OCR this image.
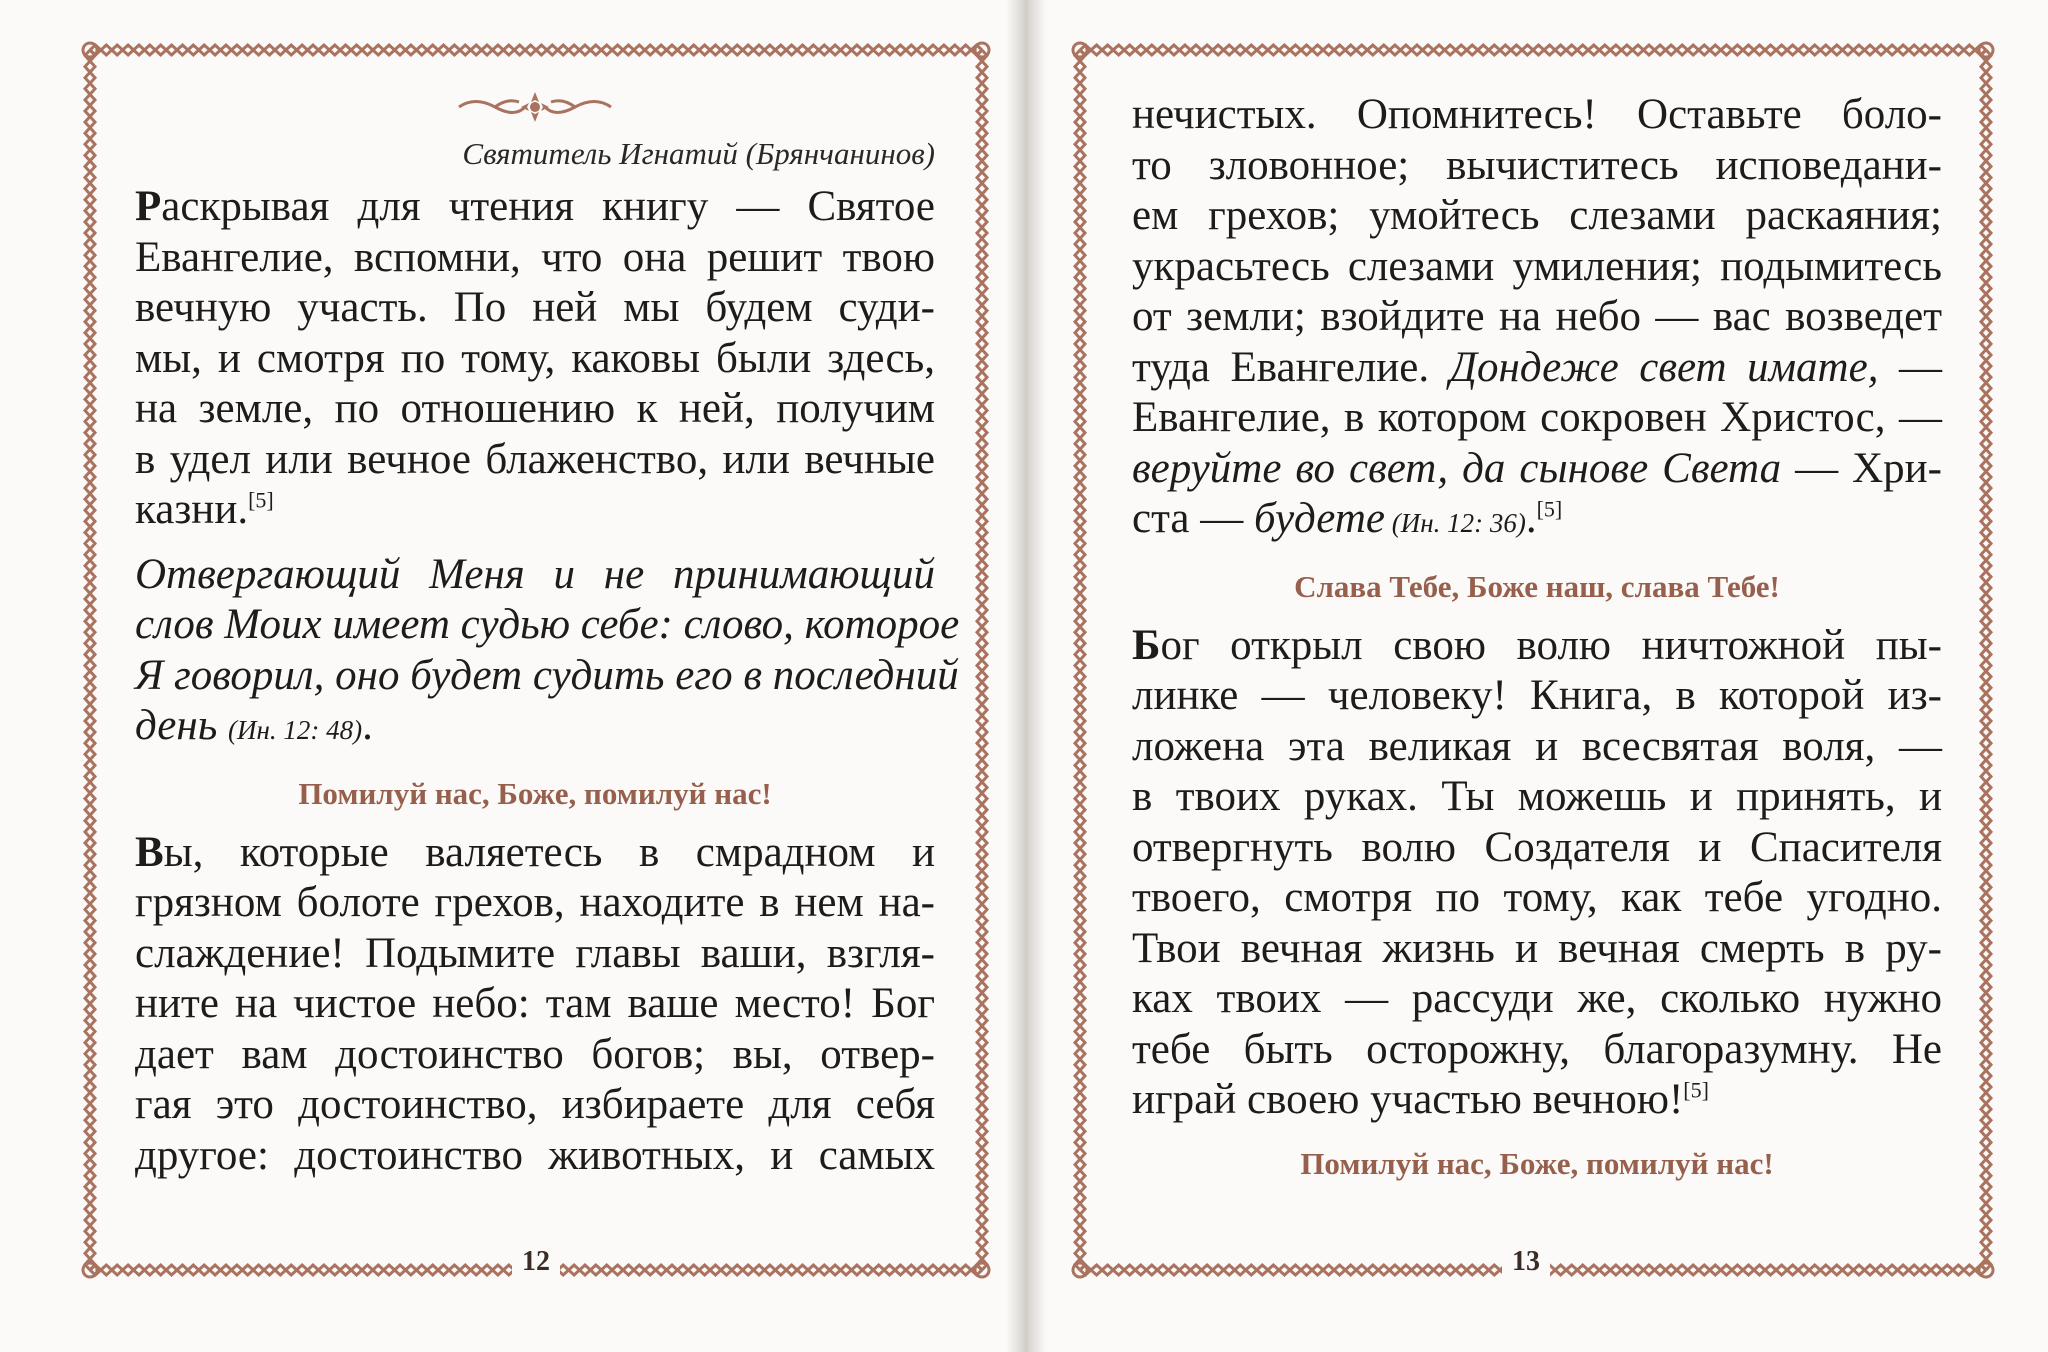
Святитель Игнатий (Брянчанинов)

Раскрывая для чтения книгу — Святое
Евангелие, вспомни, что она решит твою
вечную участь. По ней мы будем суди-
мы, и смотря по тому, каковы были здесь,
на земле, по отношению к ней, получим
в удел или вечное блаженство, или вечные
казни.[5]
Отвергающий Меня и не принимающий
слов Моих имеет судью себе: слово, которое
Я говорил, оно будет судить его в последний
день (Ин. 12: 48).

Помилуй нас, Боже, помилуй нас!

Вы, которые валяетесь в смрадном и
грязном болоте грехов, находите в нем на-
слаждение! Подымите главы ваши, взгля-
ните на чистое небо: там ваше место! Бог
дает вам достоинство богов; вы, отвер-
гая это достоинство, избираете для себя
другое: достоинство животных, и самых
12
нечистых. Опомнитесь! Оставьте боло-
то зловонное; вычиститесь исповедани-
ем грехов; умойтесь слезами раскаяния;
украсьтесь слезами умиления; подымитесь
от земли; взойдите на небо — вас возведет
туда Евангелие. Дондеже свет имате, —
Евангелие, в котором сокровен Христос, —
веруйте во свет, да сынове Света — Хри-
ста — будете (Ин. 12: 36).[5]

Слава Тебе, Боже наш, слава Тебе!

Бог открыл свою волю ничтожной пы-
линке — человеку! Книга, в которой из-
ложена эта великая и всесвятая воля, —
в твоих руках. Ты можешь и принять, и
отвергнуть волю Создателя и Спасителя
твоего, смотря по тому, как тебе угодно.
Твои вечная жизнь и вечная смерть в ру-
ках твоих — рассуди же, сколько нужно
тебе быть осторожну, благоразумну. Не
играй своею участью вечною![5]

Помилуй нас, Боже, помилуй нас!

13
